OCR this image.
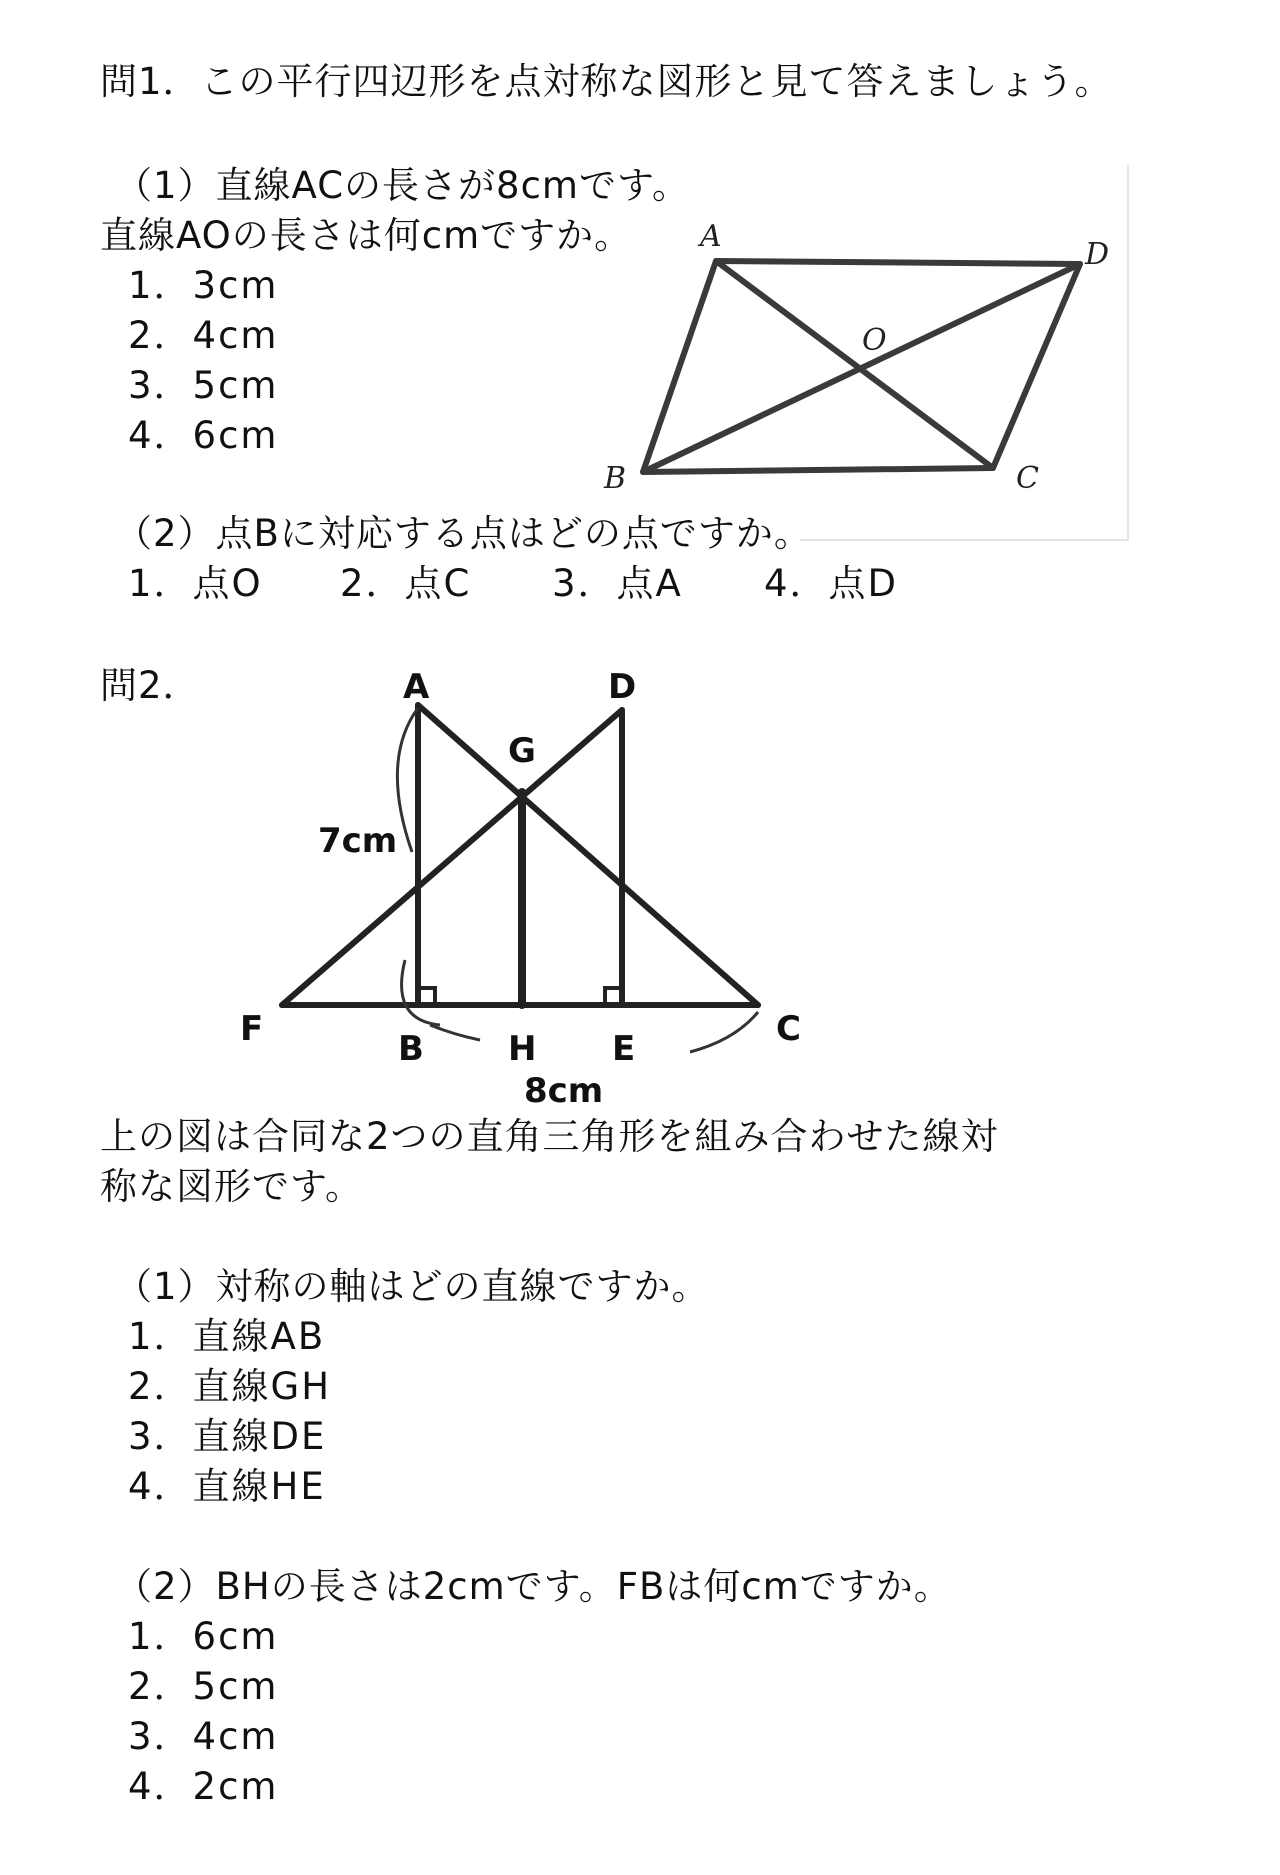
問1．この平行四辺形を点対称な図形と見て答えましょう。
（1）直線ACの長さが8cmです。
直線AOの長さは何cmですか。
1．3cm
2．4cm
3．5cm
4．6cm
A
D
O
B	C
（2）点Bに対応する点はどの点ですか。
1．点O 2．点C 3．点A 4．点D
問2．	A	D
G
F	B H E	C
7cm
8cm
上の図は合同な2つの直角三角形を組み合わせた線対
称な図形です。
（1）対称の軸はどの直線ですか。
1．直線AB
2．直線GH
3．直線DE
4．直線HE
（2）BHの長さは2cmです。FBは何cmですか。
1．6cm
2．5cm
3．4cm
4．2cm
